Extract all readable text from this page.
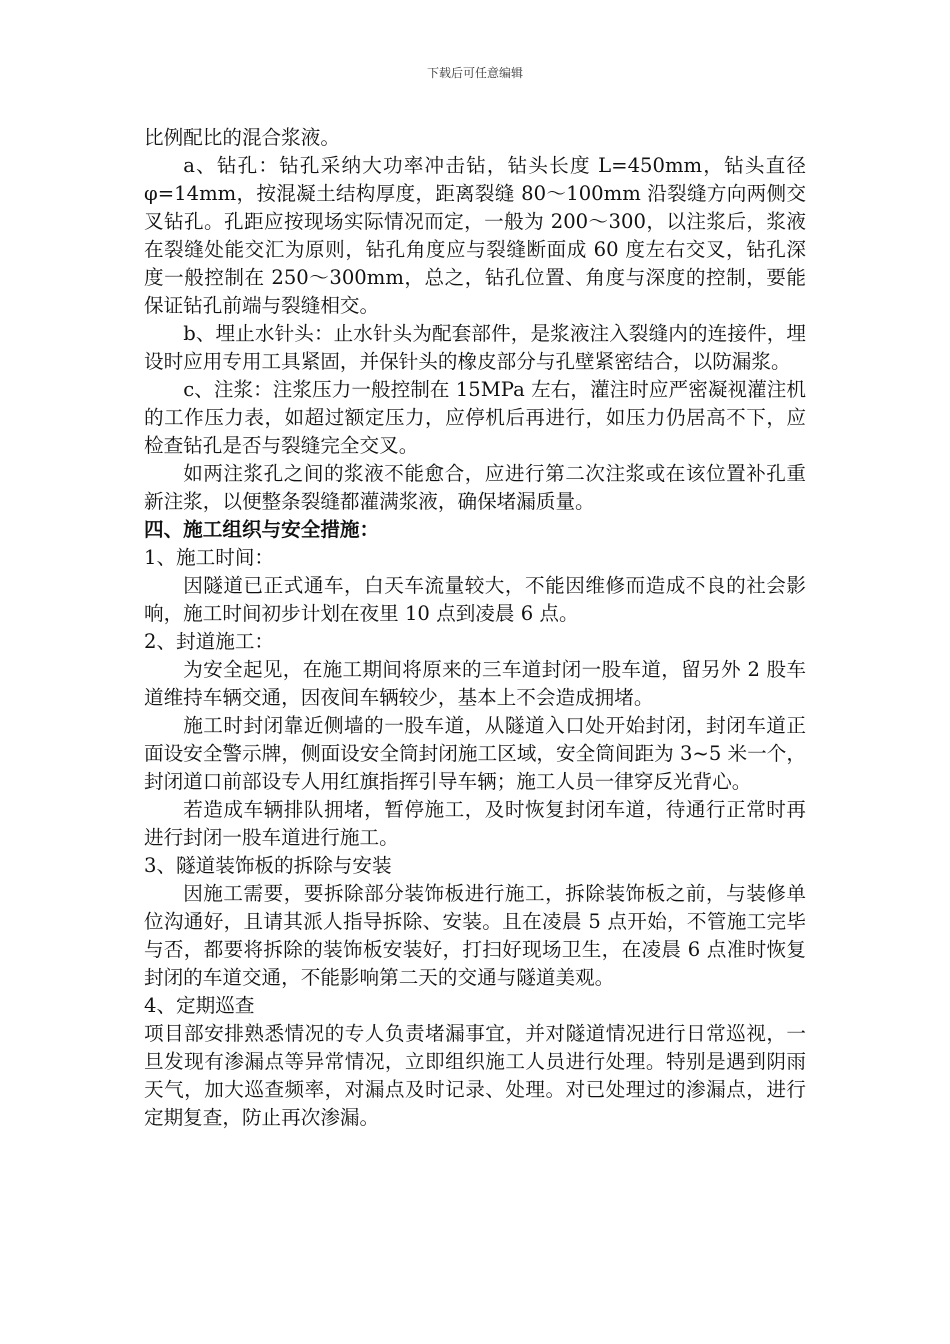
下载后可任意编辑

比例配比的混合浆液。

a、钻孔：钻孔采纳大功率冲击钻，钻头长度 L=450mm，钻头直径 φ=14mm，按混凝土结构厚度，距离裂缝 80～100mm 沿裂缝方向两侧交叉钻孔。孔距应按现场实际情况而定，一般为 200～300，以注浆后，浆液在裂缝处能交汇为原则，钻孔角度应与裂缝断面成 60 度左右交叉，钻孔深度一般控制在 250～300mm，总之，钻孔位置、角度与深度的控制，要能保证钻孔前端与裂缝相交。

b、埋止水针头：止水针头为配套部件，是浆液注入裂缝内的连接件，埋设时应用专用工具紧固，并保针头的橡皮部分与孔壁紧密结合，以防漏浆。

c、注浆：注浆压力一般控制在 15MPa 左右，灌注时应严密凝视灌注机的工作压力表，如超过额定压力，应停机后再进行，如压力仍居高不下，应检查钻孔是否与裂缝完全交叉。

如两注浆孔之间的浆液不能愈合，应进行第二次注浆或在该位置补孔重新注浆，以便整条裂缝都灌满浆液，确保堵漏质量。

四、施工组织与安全措施：

1、施工时间：

因隧道已正式通车，白天车流量较大，不能因维修而造成不良的社会影响，施工时间初步计划在夜里 10 点到凌晨 6 点。

2、封道施工：

为安全起见，在施工期间将原来的三车道封闭一股车道，留另外 2 股车道维持车辆交通，因夜间车辆较少，基本上不会造成拥堵。

施工时封闭靠近侧墙的一股车道，从隧道入口处开始封闭，封闭车道正面设安全警示牌，侧面设安全筒封闭施工区域，安全筒间距为 3~5 米一个，封闭道口前部设专人用红旗指挥引导车辆；施工人员一律穿反光背心。

若造成车辆排队拥堵，暂停施工，及时恢复封闭车道，待通行正常时再进行封闭一股车道进行施工。

3、隧道装饰板的拆除与安装

因施工需要，要拆除部分装饰板进行施工，拆除装饰板之前，与装修单位沟通好，且请其派人指导拆除、安装。且在凌晨 5 点开始，不管施工完毕与否，都要将拆除的装饰板安装好，打扫好现场卫生，在凌晨 6 点准时恢复封闭的车道交通，不能影响第二天的交通与隧道美观。

4、定期巡查

项目部安排熟悉情况的专人负责堵漏事宜，并对隧道情况进行日常巡视，一旦发现有渗漏点等异常情况，立即组织施工人员进行处理。特别是遇到阴雨天气，加大巡查频率，对漏点及时记录、处理。对已处理过的渗漏点，进行定期复查，防止再次渗漏。
